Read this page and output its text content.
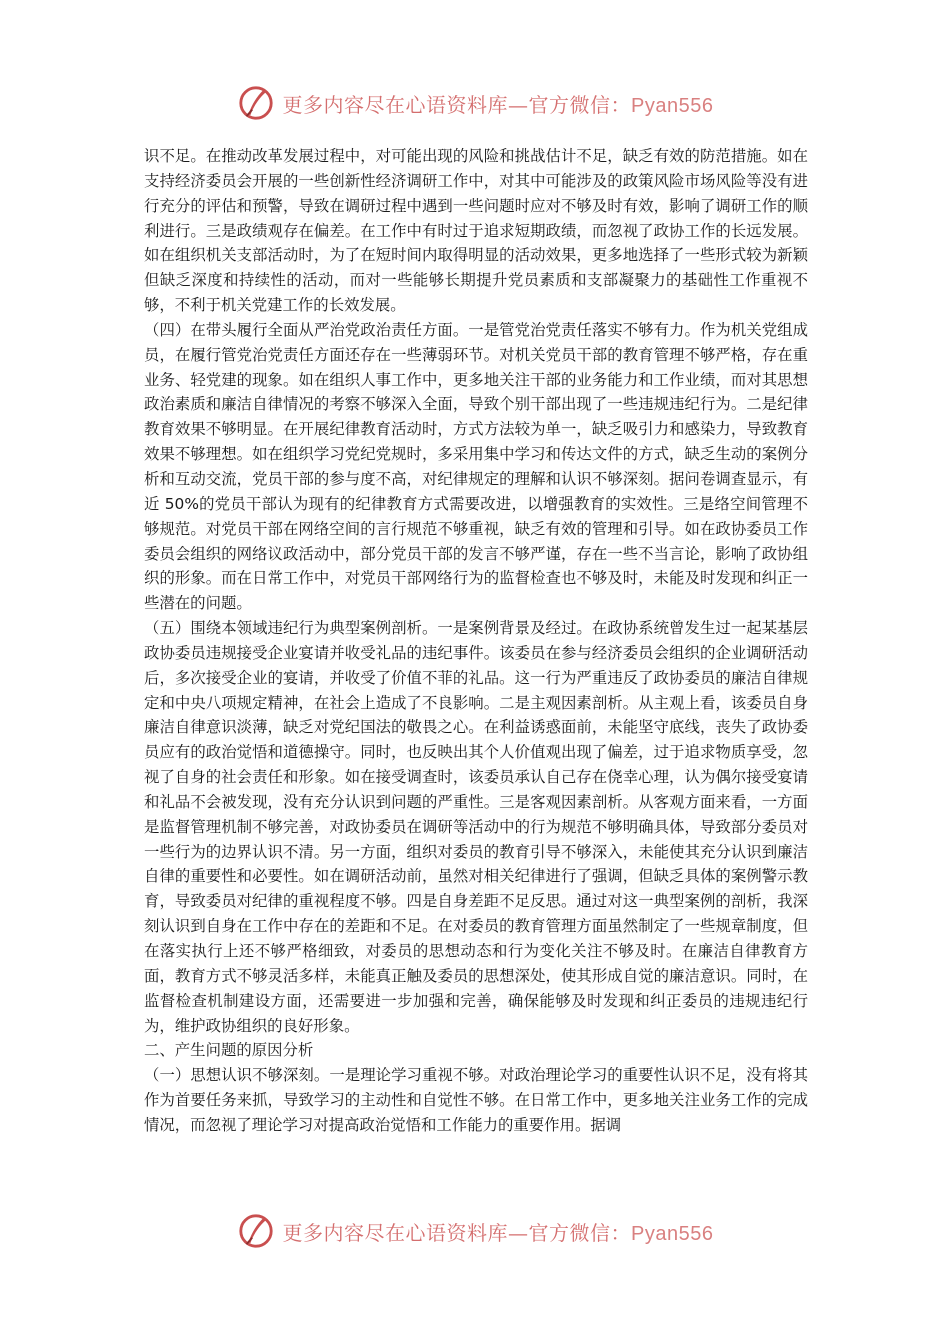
更多内容尽在心语资料库—官方微信：Pyan556

识不足。在推动改革发展过程中，对可能出现的风险和挑战估计不足，缺乏有效的防范措施。如在支持经济委员会开展的一些创新性经济调研工作中，对其中可能涉及的政策风险市场风险等没有进行充分的评估和预警，导致在调研过程中遇到一些问题时应对不够及时有效，影响了调研工作的顺利进行。三是政绩观存在偏差。在工作中有时过于追求短期政绩，而忽视了政协工作的长远发展。如在组织机关支部活动时，为了在短时间内取得明显的活动效果，更多地选择了一些形式较为新颖但缺乏深度和持续性的活动，而对一些能够长期提升党员素质和支部凝聚力的基础性工作重视不够，不利于机关党建工作的长效发展。

（四）在带头履行全面从严治党政治责任方面。一是管党治党责任落实不够有力。作为机关党组成员，在履行管党治党责任方面还存在一些薄弱环节。对机关党员干部的教育管理不够严格，存在重业务、轻党建的现象。如在组织人事工作中，更多地关注干部的业务能力和工作业绩，而对其思想政治素质和廉洁自律情况的考察不够深入全面，导致个别干部出现了一些违规违纪行为。二是纪律教育效果不够明显。在开展纪律教育活动时，方式方法较为单一，缺乏吸引力和感染力，导致教育效果不够理想。如在组织学习党纪党规时，多采用集中学习和传达文件的方式，缺乏生动的案例分析和互动交流，党员干部的参与度不高，对纪律规定的理解和认识不够深刻。据问卷调查显示，有近 50%的党员干部认为现有的纪律教育方式需要改进，以增强教育的实效性。三是络空间管理不够规范。对党员干部在网络空间的言行规范不够重视，缺乏有效的管理和引导。如在政协委员工作委员会组织的网络议政活动中，部分党员干部的发言不够严谨，存在一些不当言论，影响了政协组织的形象。而在日常工作中，对党员干部网络行为的监督检查也不够及时，未能及时发现和纠正一些潜在的问题。

（五）围绕本领域违纪行为典型案例剖析。一是案例背景及经过。在政协系统曾发生过一起某基层政协委员违规接受企业宴请并收受礼品的违纪事件。该委员在参与经济委员会组织的企业调研活动后，多次接受企业的宴请，并收受了价值不菲的礼品。这一行为严重违反了政协委员的廉洁自律规定和中央八项规定精神，在社会上造成了不良影响。二是主观因素剖析。从主观上看，该委员自身廉洁自律意识淡薄，缺乏对党纪国法的敬畏之心。在利益诱惑面前，未能坚守底线，丧失了政协委员应有的政治觉悟和道德操守。同时，也反映出其个人价值观出现了偏差，过于追求物质享受，忽视了自身的社会责任和形象。如在接受调查时，该委员承认自己存在侥幸心理，认为偶尔接受宴请和礼品不会被发现，没有充分认识到问题的严重性。三是客观因素剖析。从客观方面来看，一方面是监督管理机制不够完善，对政协委员在调研等活动中的行为规范不够明确具体，导致部分委员对一些行为的边界认识不清。另一方面，组织对委员的教育引导不够深入，未能使其充分认识到廉洁自律的重要性和必要性。如在调研活动前，虽然对相关纪律进行了强调，但缺乏具体的案例警示教育，导致委员对纪律的重视程度不够。四是自身差距不足反思。通过对这一典型案例的剖析，我深刻认识到自身在工作中存在的差距和不足。在对委员的教育管理方面虽然制定了一些规章制度，但在落实执行上还不够严格细致，对委员的思想动态和行为变化关注不够及时。在廉洁自律教育方面，教育方式不够灵活多样，未能真正触及委员的思想深处，使其形成自觉的廉洁意识。同时，在监督检查机制建设方面，还需要进一步加强和完善，确保能够及时发现和纠正委员的违规违纪行为，维护政协组织的良好形象。

二、产生问题的原因分析

（一）思想认识不够深刻。一是理论学习重视不够。对政治理论学习的重要性认识不足，没有将其作为首要任务来抓，导致学习的主动性和自觉性不够。在日常工作中，更多地关注业务工作的完成情况，而忽视了理论学习对提高政治觉悟和工作能力的重要作用。据调

更多内容尽在心语资料库—官方微信：Pyan556
